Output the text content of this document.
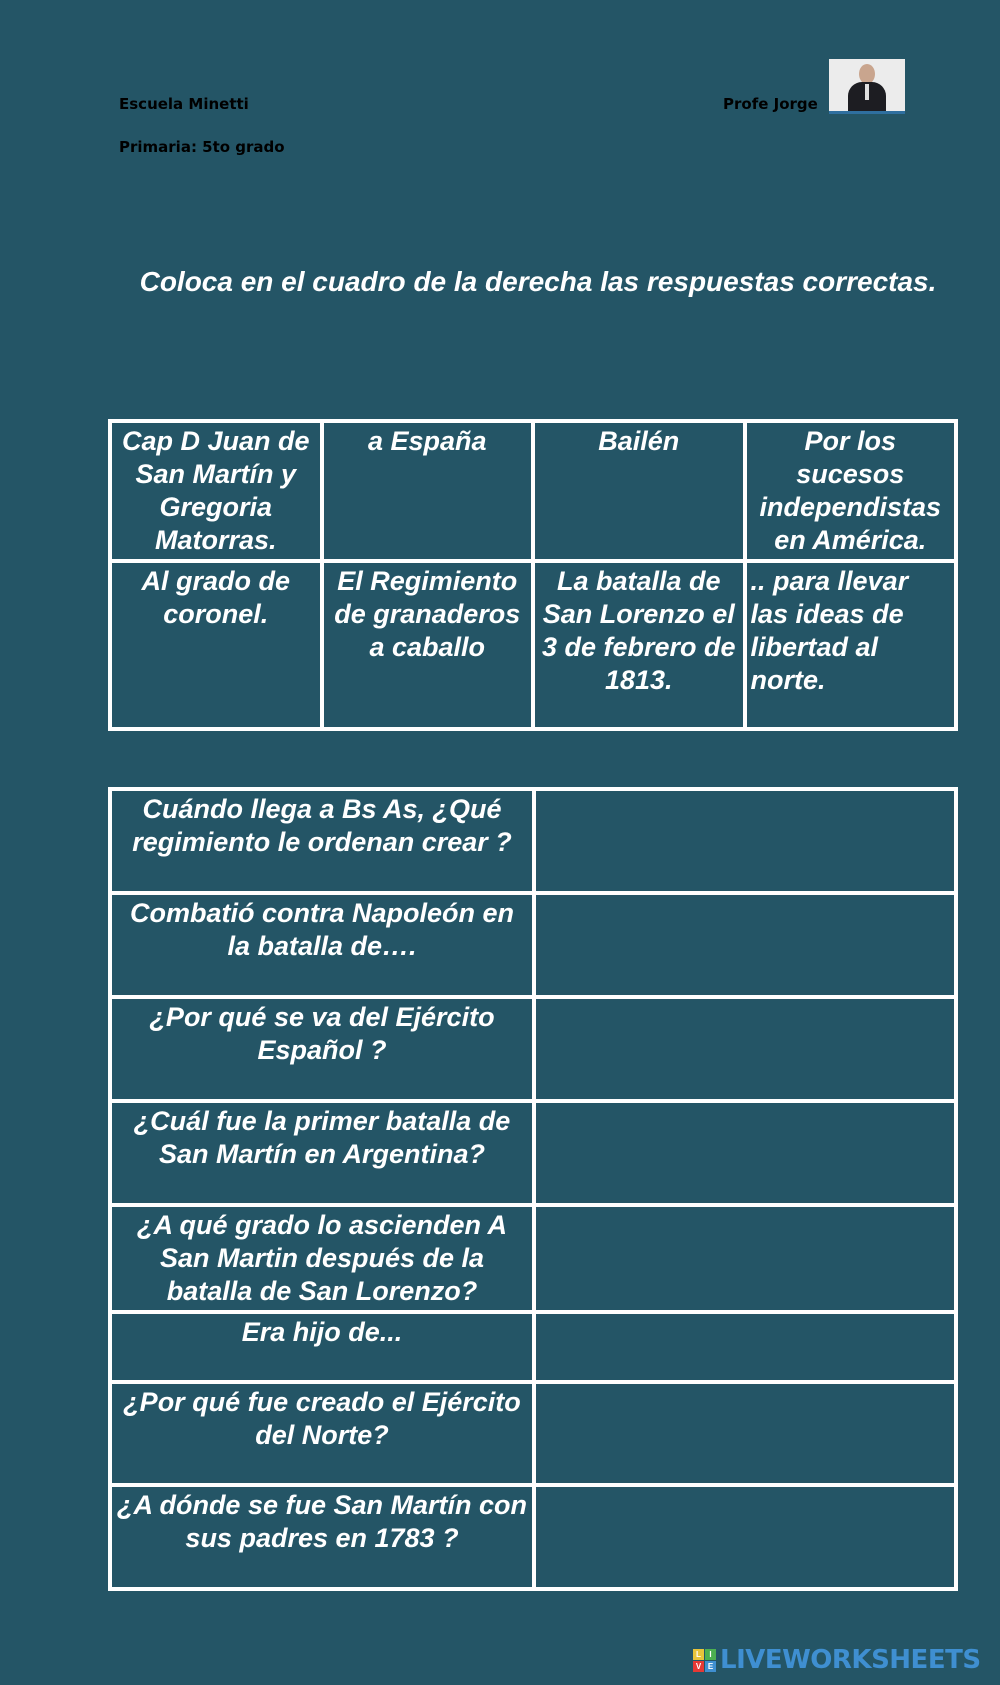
Escuela Minetti
Primaria: 5to grado
Profe Jorge
Coloca en el cuadro de la derecha las respuestas correctas.
Cap D Juan de San Martín y Gregoria Matorras.	a España	Bailén	Por los sucesos independistas en América.
Al grado de coronel.	El Regimiento de granaderos a caballo	La batalla de San Lorenzo el 3 de febrero de 1813.	.. para llevar las ideas de libertad al norte.
Cuándo llega a Bs As, ¿Qué regimiento le ordenan crear ?	
Combatió contra Napoleón en la batalla de….	
¿Por qué se va del Ejército Español ?	
¿Cuál fue la primer batalla de San Martín en Argentina?	
¿A qué grado lo ascienden A San Martin después de la batalla de San Lorenzo?	
Era hijo de...	
¿Por qué fue creado el Ejército del Norte?	
¿A dónde se fue San Martín con sus padres en 1783 ?	
L	I
V E LIVEWORKSHEETS
